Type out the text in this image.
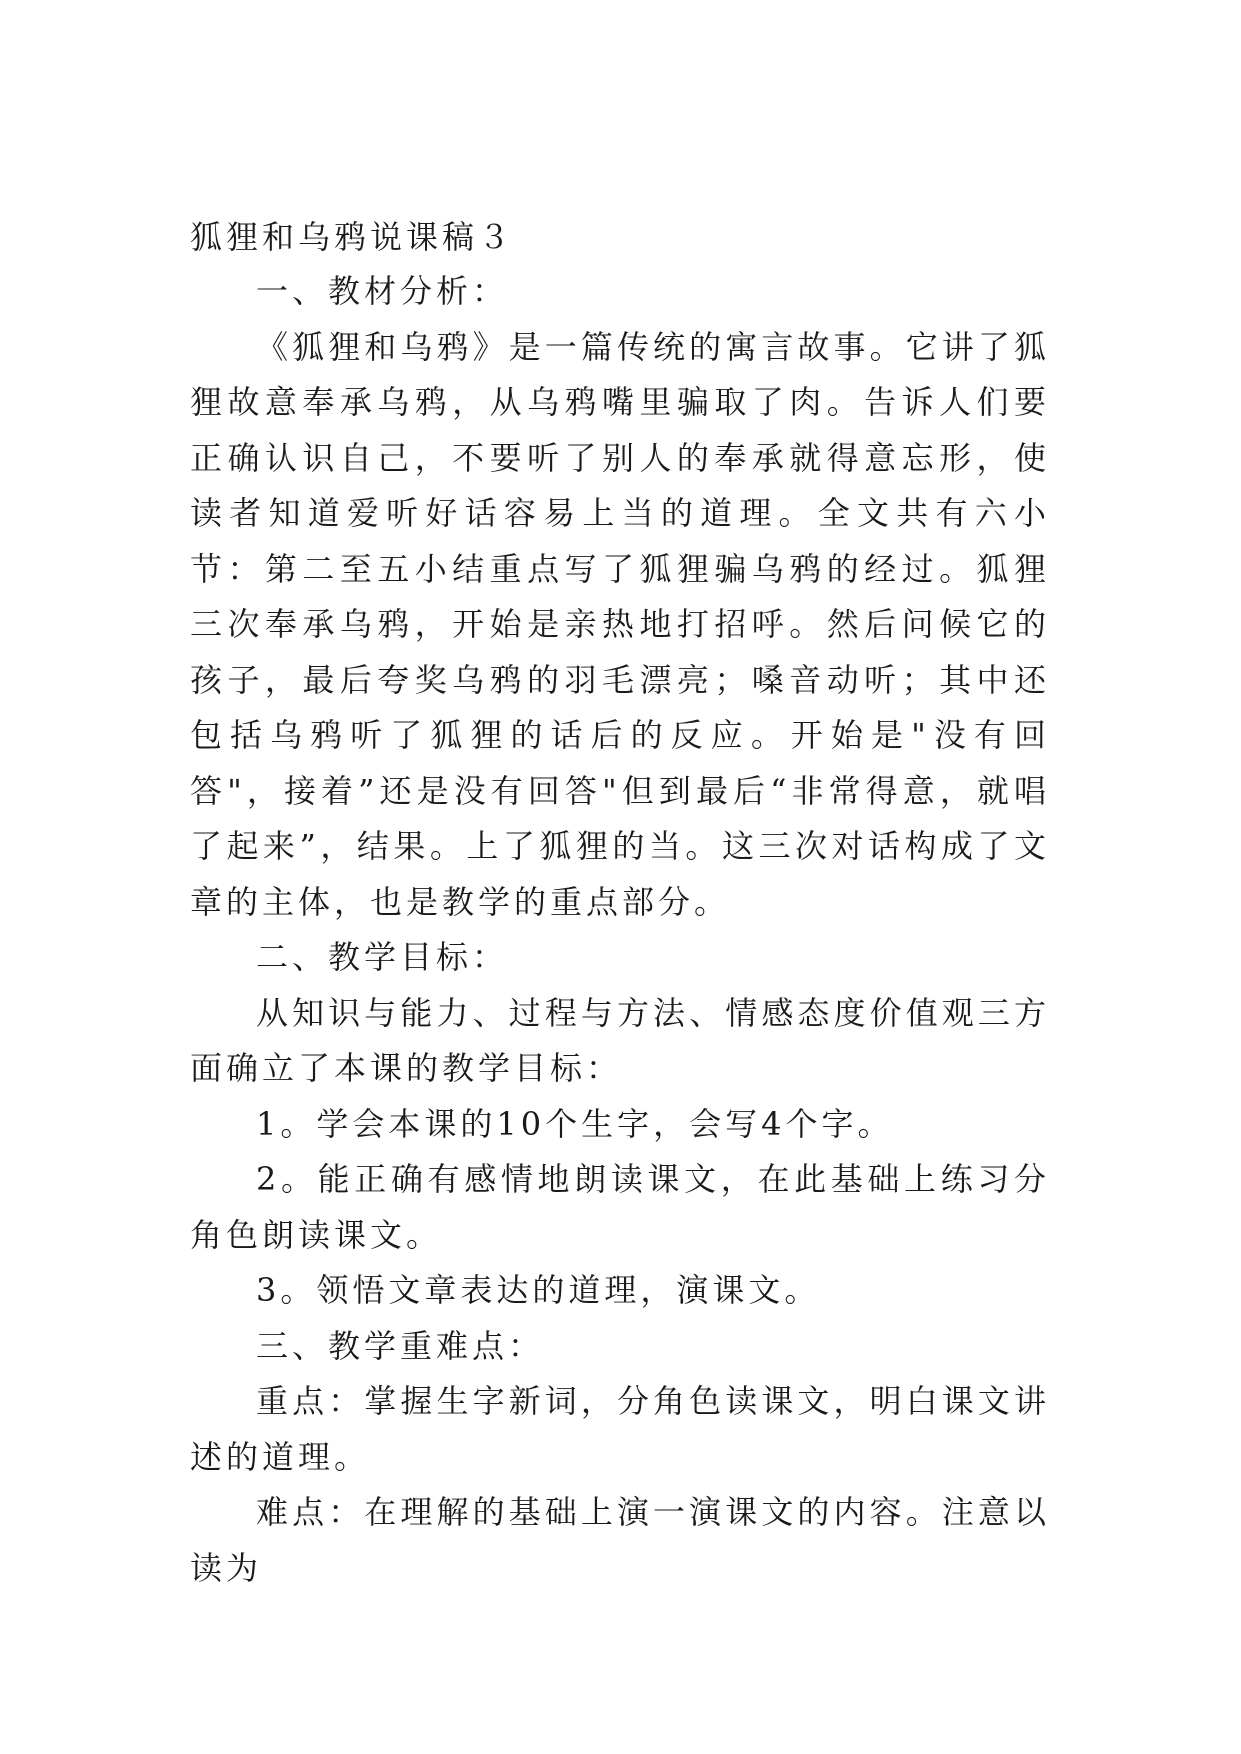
狐狸和乌鸦说课稿３

一、教材分析：

《狐狸和乌鸦》是一篇传统的寓言故事。它讲了狐狸故意奉承乌鸦，从乌鸦嘴里骗取了肉。告诉人们要正确认识自己，不要听了别人的奉承就得意忘形，使读者知道爱听好话容易上当的道理。全文共有六小节：第二至五小结重点写了狐狸骗乌鸦的经过。狐狸三次奉承乌鸦，开始是亲热地打招呼。然后问候它的孩子，最后夸奖乌鸦的羽毛漂亮；嗓音动听；其中还包括乌鸦听了狐狸的话后的反应。开始是"没有回答"，接着”还是没有回答"但到最后“非常得意，就唱了起来”，结果。上了狐狸的当。这三次对话构成了文章的主体，也是教学的重点部分。

二、教学目标：

从知识与能力、过程与方法、情感态度价值观三方面确立了本课的教学目标：

1。学会本课的10个生字，会写4个字。

2。能正确有感情地朗读课文，在此基础上练习分角色朗读课文。

3。领悟文章表达的道理，演课文。

三、教学重难点：

重点：掌握生字新词，分角色读课文，明白课文讲述的道理。

难点：在理解的基础上演一演课文的内容。注意以读为
